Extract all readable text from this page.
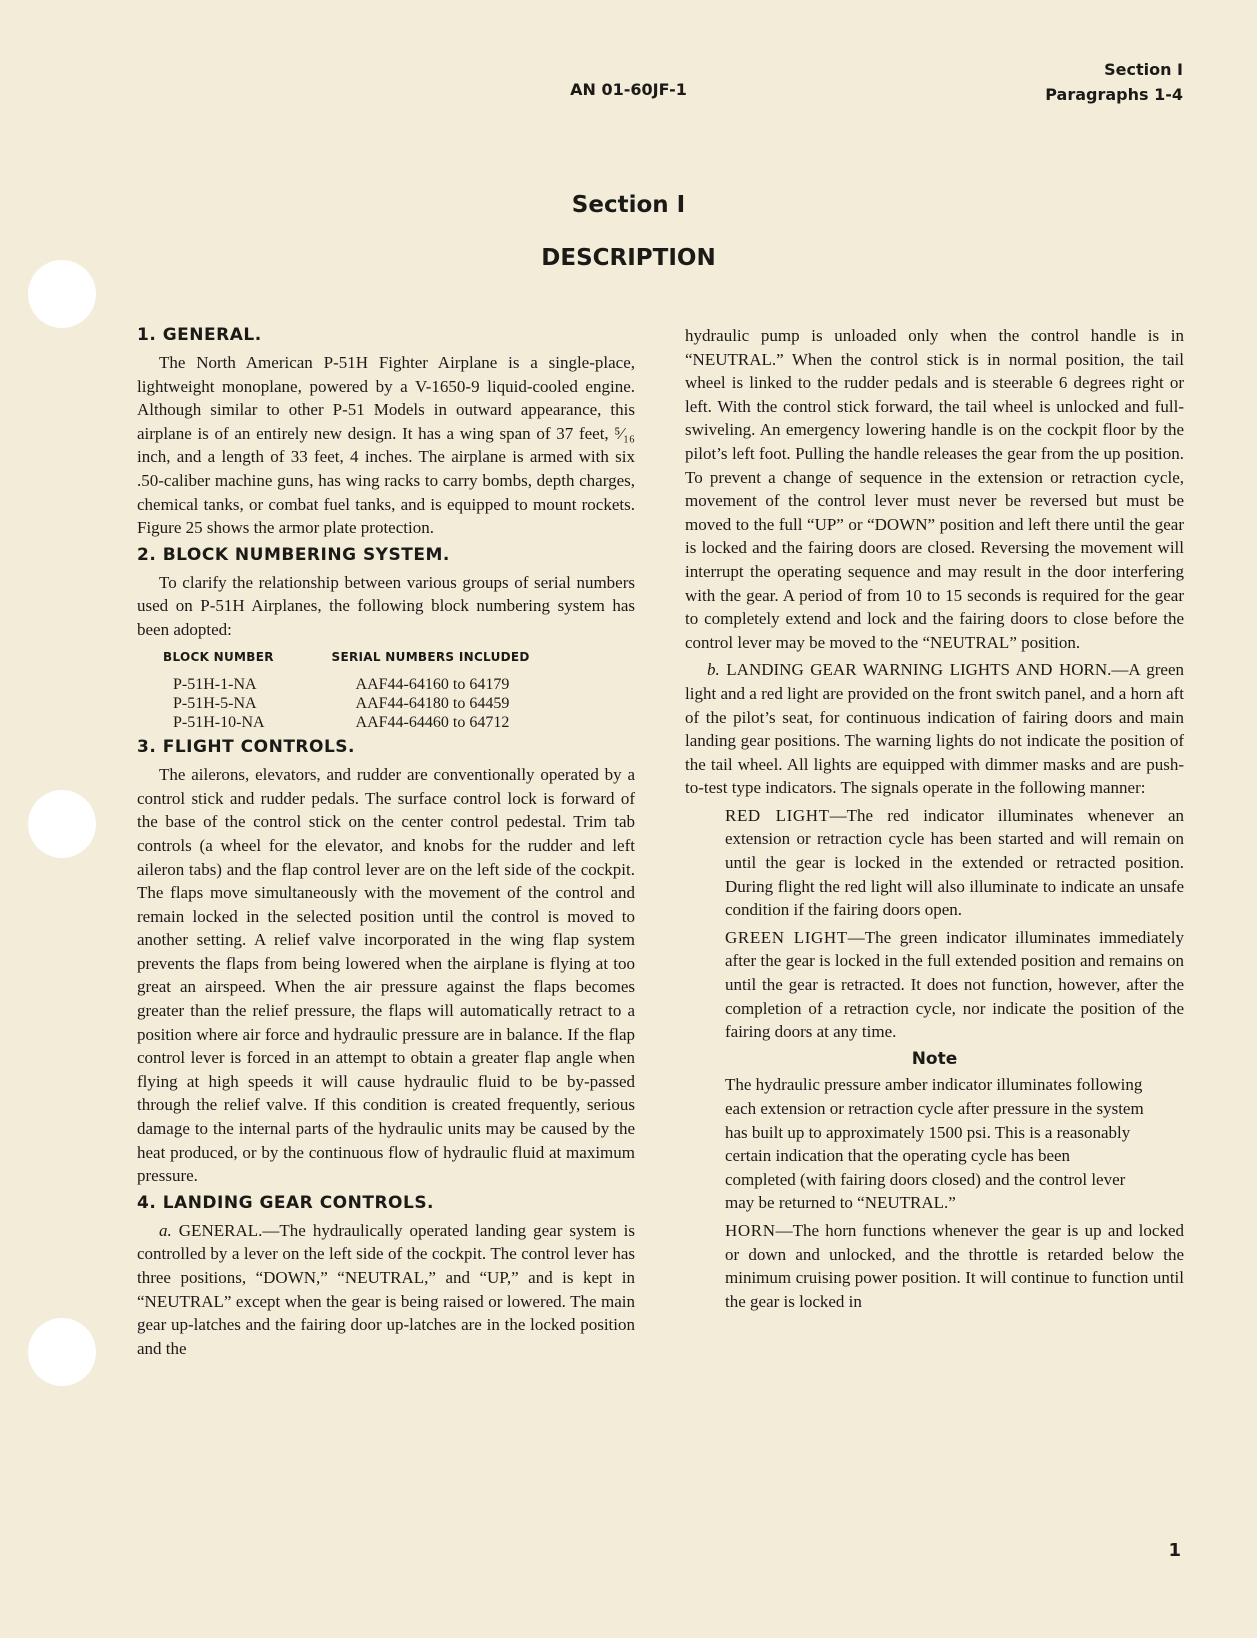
AN 01-60JF-1
Section I
Paragraphs 1-4
Section I
DESCRIPTION
1. GENERAL.

The North American P-51H Fighter Airplane is a single-place, lightweight monoplane, powered by a V-1650-9 liquid-cooled engine. Although similar to other P-51 Models in outward appearance, this airplane is of an entirely new design. It has a wing span of 37 feet, ⁵⁄₁₆ inch, and a length of 33 feet, 4 inches. The airplane is armed with six .50-caliber machine guns, has wing racks to carry bombs, depth charges, chemical tanks, or combat fuel tanks, and is equipped to mount rockets. Figure 25 shows the armor plate protection.

2. BLOCK NUMBERING SYSTEM.

To clarify the relationship between various groups of serial numbers used on P-51H Airplanes, the following block numbering system has been adopted:

BLOCK NUMBER	SERIAL NUMBERS INCLUDED
P-51H-1-NA	AAF44-64160 to 64179
P-51H-5-NA	AAF44-64180 to 64459
P-51H-10-NA	AAF44-64460 to 64712
3. FLIGHT CONTROLS.

The ailerons, elevators, and rudder are conventionally operated by a control stick and rudder pedals. The surface control lock is forward of the base of the control stick on the center control pedestal. Trim tab controls (a wheel for the elevator, and knobs for the rudder and left aileron tabs) and the flap control lever are on the left side of the cockpit. The flaps move simultaneously with the movement of the control and remain locked in the selected position until the control is moved to another setting. A relief valve incorporated in the wing flap system prevents the flaps from being lowered when the airplane is flying at too great an airspeed. When the air pressure against the flaps becomes greater than the relief pressure, the flaps will automatically retract to a position where air force and hydraulic pressure are in balance. If the flap control lever is forced in an attempt to obtain a greater flap angle when flying at high speeds it will cause hydraulic fluid to be by-passed through the relief valve. If this condition is created frequently, serious damage to the internal parts of the hydraulic units may be caused by the heat produced, or by the continuous flow of hydraulic fluid at maximum pressure.

4. LANDING GEAR CONTROLS.

a. GENERAL.—The hydraulically operated landing gear system is controlled by a lever on the left side of the cockpit. The control lever has three positions, “DOWN,” “NEUTRAL,” and “UP,” and is kept in “NEUTRAL” except when the gear is being raised or lowered. The main gear up-latches and the fairing door up-latches are in the locked position and the

hydraulic pump is unloaded only when the control handle is in “NEUTRAL.” When the control stick is in normal position, the tail wheel is linked to the rudder pedals and is steerable 6 degrees right or left. With the control stick forward, the tail wheel is unlocked and full-swiveling. An emergency lowering handle is on the cockpit floor by the pilot’s left foot. Pulling the handle releases the gear from the up position. To prevent a change of sequence in the extension or retraction cycle, movement of the control lever must never be reversed but must be moved to the full “UP” or “DOWN” position and left there until the gear is locked and the fairing doors are closed. Reversing the movement will interrupt the operating sequence and may result in the door interfering with the gear. A period of from 10 to 15 seconds is required for the gear to completely extend and lock and the fairing doors to close before the control lever may be moved to the “NEUTRAL” position.

b. LANDING GEAR WARNING LIGHTS AND HORN.—A green light and a red light are provided on the front switch panel, and a horn aft of the pilot’s seat, for continuous indication of fairing doors and main landing gear positions. The warning lights do not indicate the position of the tail wheel. All lights are equipped with dimmer masks and are push-to-test type indicators. The signals operate in the following manner:

RED LIGHT—The red indicator illuminates whenever an extension or retraction cycle has been started and will remain on until the gear is locked in the extended or retracted position. During flight the red light will also illuminate to indicate an unsafe condition if the fairing doors open.

GREEN LIGHT—The green indicator illuminates immediately after the gear is locked in the full extended position and remains on until the gear is retracted. It does not function, however, after the completion of a retraction cycle, nor indicate the position of the fairing doors at any time.

Note

The hydraulic pressure amber indicator illuminates following each extension or retraction cycle after pressure in the system has built up to approximately 1500 psi. This is a reasonably certain indication that the operating cycle has been completed (with fairing doors closed) and the control lever may be returned to “NEUTRAL.”

HORN—The horn functions whenever the gear is up and locked or down and unlocked, and the throttle is retarded below the minimum cruising power position. It will continue to function until the gear is locked in

1
